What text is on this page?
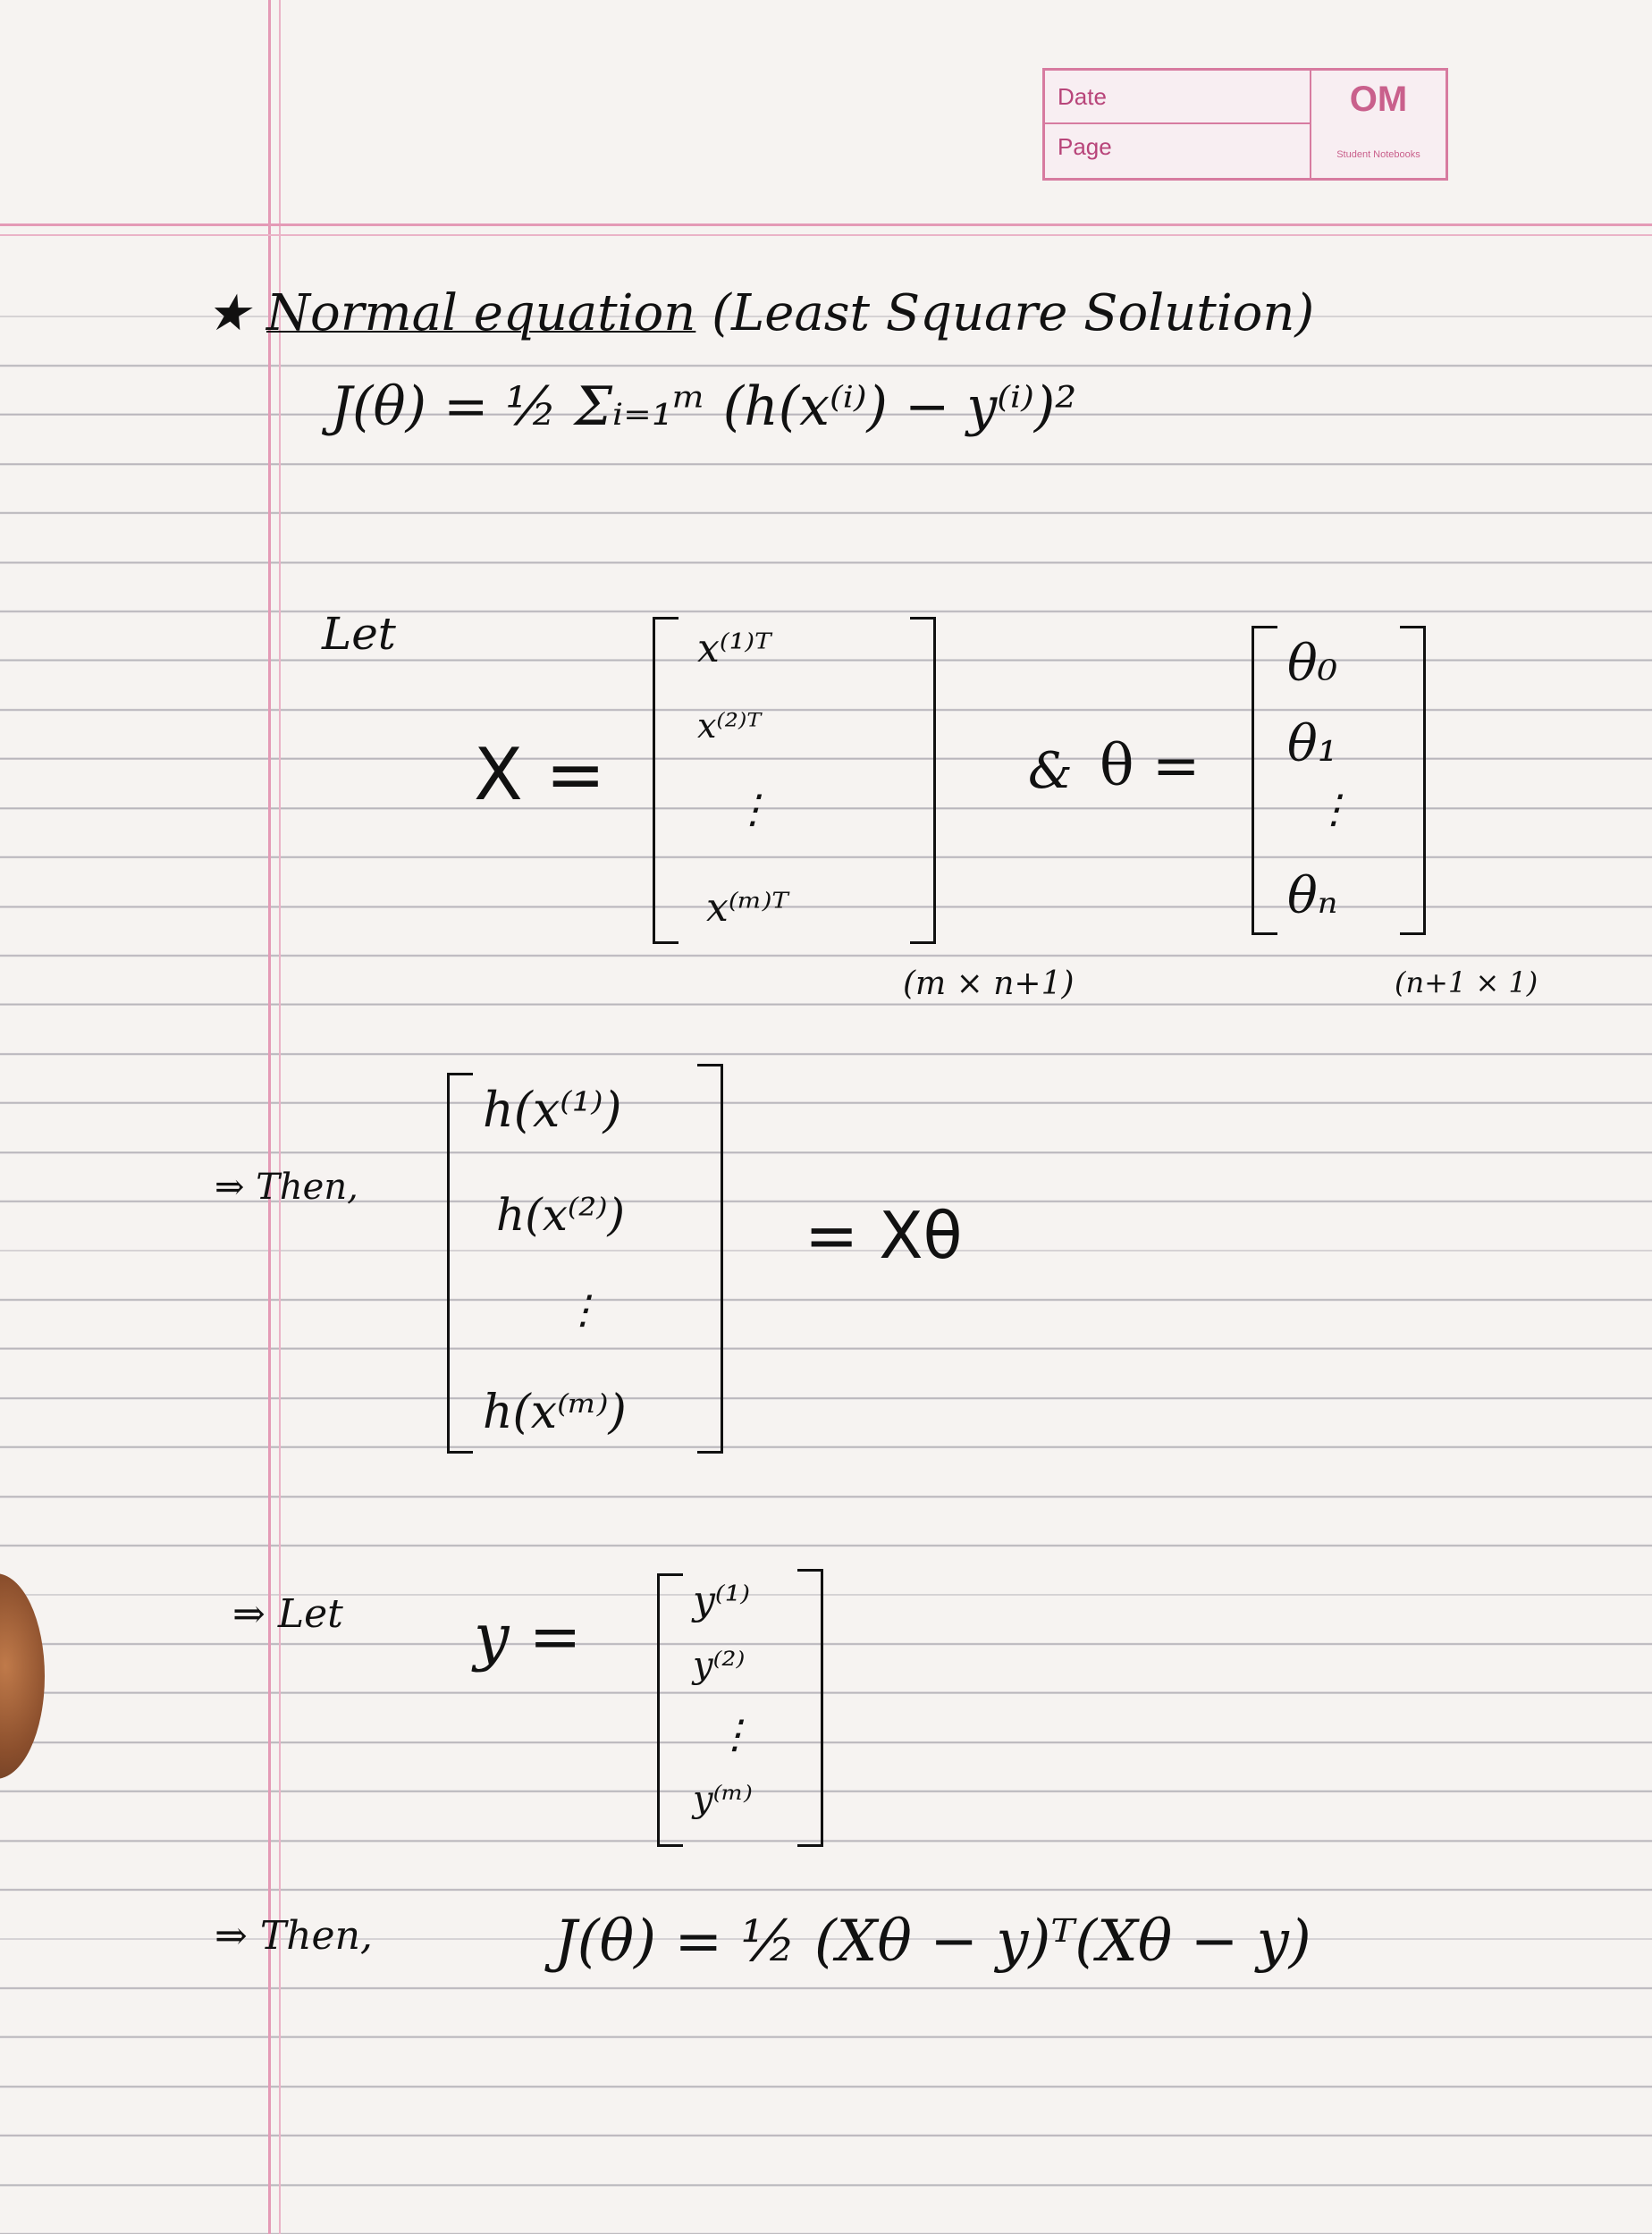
Date
Page
OM
Student Notebooks
★ Normal equation (Least Square Solution)
J(θ) = ½ Σᵢ₌₁ᵐ (h(x⁽ⁱ⁾) − y⁽ⁱ⁾)²
Let
X =
x⁽¹⁾ᵀ
x⁽²⁾ᵀ
⋮
x⁽ᵐ⁾ᵀ
& θ =
θ₀
θ₁
⋮
θₙ
(m × n+1)	(n+1 × 1)
⇒ Then,
h(x⁽¹⁾)
h(x⁽²⁾)
⋮
h(x⁽ᵐ⁾)
= Xθ
⇒ Let y =	y⁽¹⁾
y⁽²⁾
⋮
y⁽ᵐ⁾
⇒ Then,	J(θ) = ½ (Xθ − y)ᵀ(Xθ − y)
